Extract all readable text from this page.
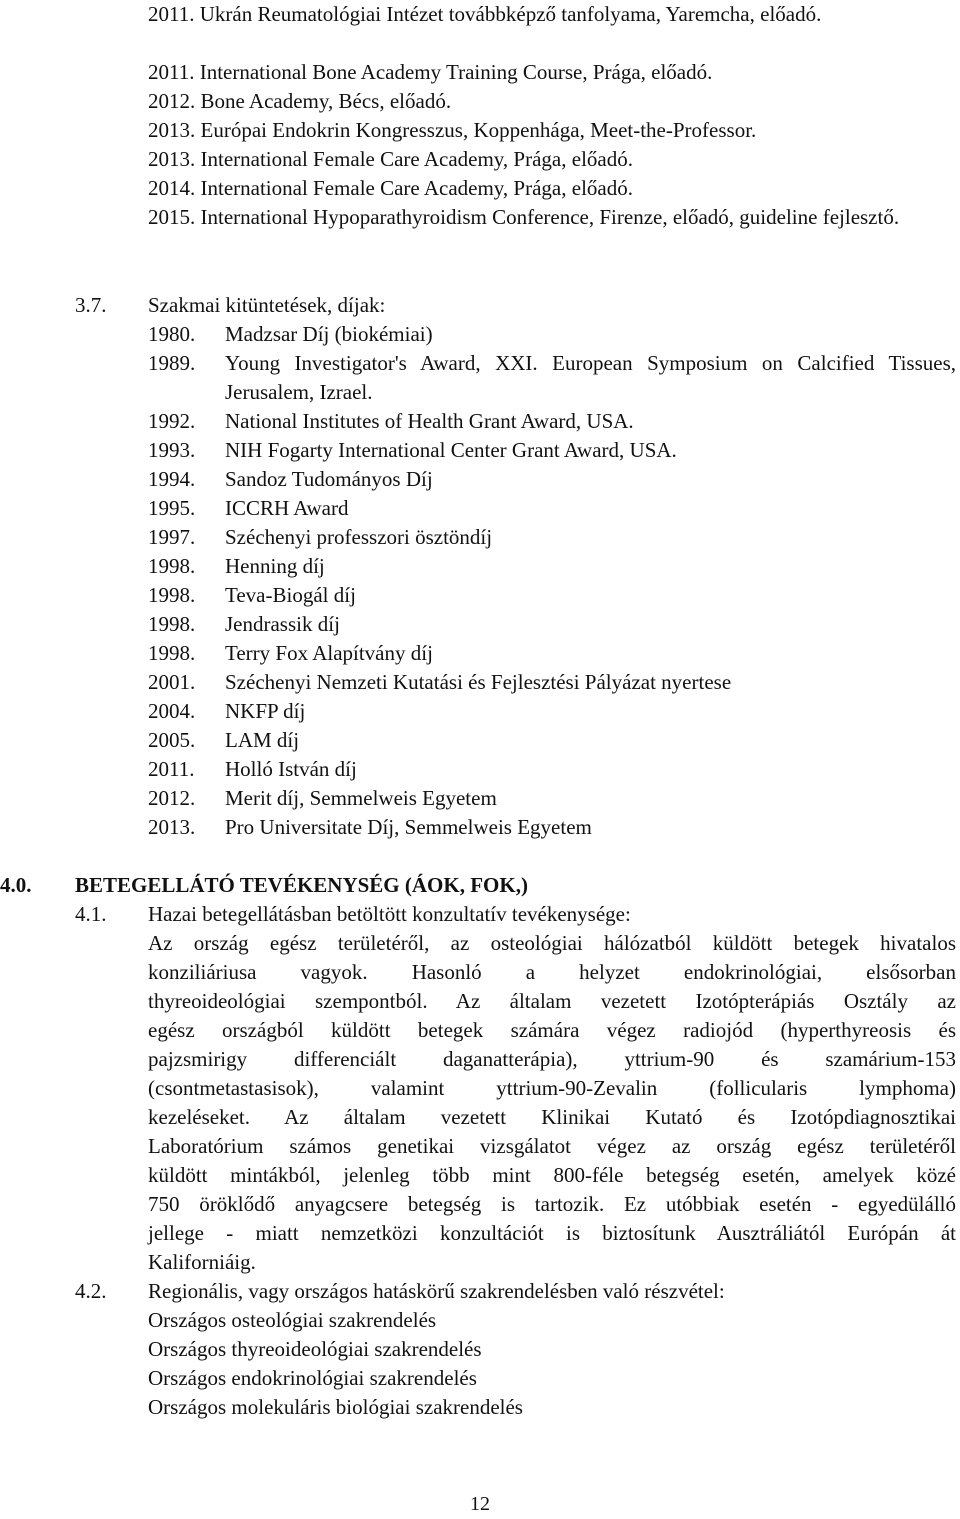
2011. Ukrán Reumatológiai Intézet továbbképző tanfolyama, Yaremcha, előadó.
2011. International Bone Academy Training Course, Prága, előadó.
2012. Bone Academy, Bécs, előadó.
2013. Európai Endokrin Kongresszus, Koppenhága, Meet-the-Professor.
2013. International Female Care Academy, Prága, előadó.
2014. International Female Care Academy, Prága, előadó.
2015. International Hypoparathyroidism Conference, Firenze, előadó, guideline fejlesztő.
3.7. Szakmai kitüntetések, díjak:
1980.	Madzsar Díj (biokémiai)
1989.	Young Investigator's Award, XXI. European Symposium on Calcified Tissues, Jerusalem, Izrael.
1992.	National Institutes of Health Grant Award, USA.
1993.	NIH Fogarty International Center Grant Award, USA.
1994.	Sandoz Tudományos Díj
1995.	ICCRH Award
1997.	Széchenyi professzori ösztöndíj
1998.	Henning díj
1998.	Teva-Biogál díj
1998.	Jendrassik díj
1998.	Terry Fox Alapítvány díj
2001.	Széchenyi Nemzeti Kutatási és Fejlesztési Pályázat nyertese
2004.	NKFP díj
2005.	LAM díj
2011.	Holló István díj
2012.	Merit díj, Semmelweis Egyetem
2013.	Pro Universitate Díj, Semmelweis Egyetem
4.0. BETEGELLÁTÓ TEVÉKENYSÉG (ÁOK, FOK,)
4.1. Hazai betegellátásban betöltött konzultatív tevékenysége:
Az ország egész területéről, az osteológiai hálózatból küldött betegek hivatalos
konziliáriusa vagyok. Hasonló a helyzet endokrinológiai, elsősorban
thyreoideológiai szempontból. Az általam vezetett Izotópterápiás Osztály az
egész országból küldött betegek számára végez radiojód (hyperthyreosis és
pajzsmirigy differenciált daganatterápia), yttrium-90 és szamárium-153
(csontmetastasisok), valamint yttrium-90-Zevalin (follicularis lymphoma)
kezeléseket. Az általam vezetett Klinikai Kutató és Izotópdiagnosztikai
Laboratórium számos genetikai vizsgálatot végez az ország egész területéről
küldött mintákból, jelenleg több mint 800-féle betegség esetén, amelyek közé
750 öröklődő anyagcsere betegség is tartozik. Ez utóbbiak esetén - egyedülálló
jellege - miatt nemzetközi konzultációt is biztosítunk Ausztráliától Európán át
Kaliforniáig.
4.2. Regionális, vagy országos hatáskörű szakrendelésben való részvétel:
Országos osteológiai szakrendelés
Országos thyreoideológiai szakrendelés
Országos endokrinológiai szakrendelés
Országos molekuláris biológiai szakrendelés
12
